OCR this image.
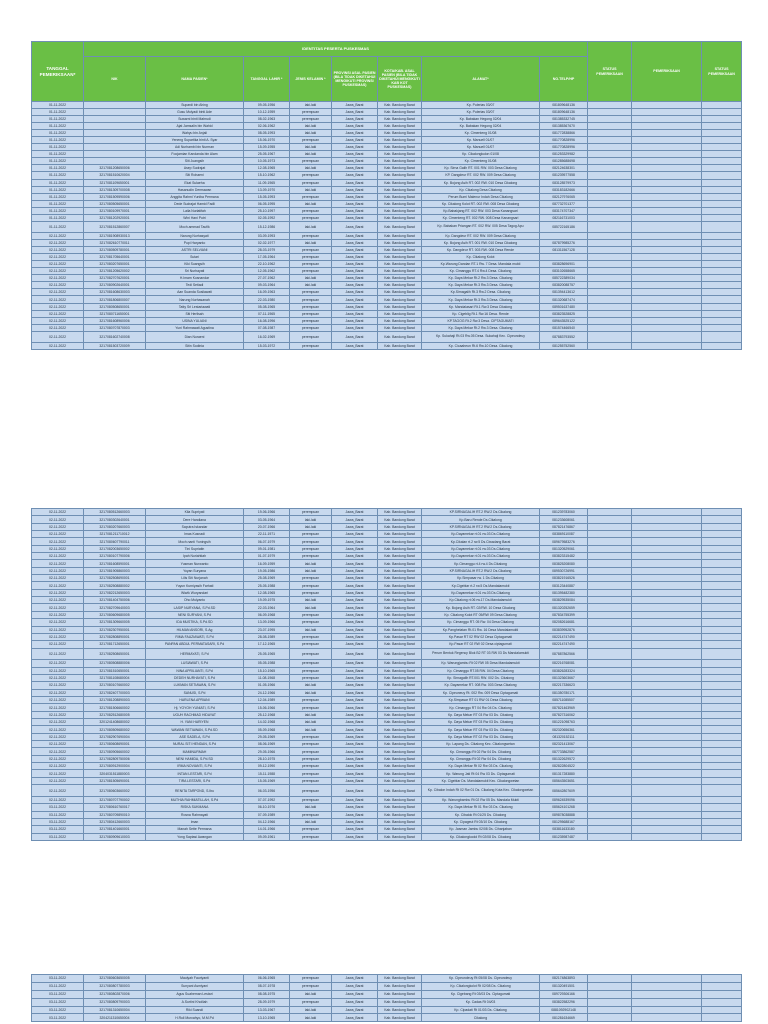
TANGGAL PEMERIKSAAN*	IDENTITAS PESERTA PUSKESMAS								STATUS PEMERIKSAAN	PEMERIKSAAN	STATUS PEMERIKSAAN
	NIK	NAMA PASIEN*	TANGGAL LAHIR *	JENIS KELAMIN *	PROVINSI ASAL PASIEN (BILA TIDAK DIKETAHUI MENGIKUTI PROVINSI PUSKESMAS)	KOTA/KAB. ASAL PASIEN (BILA TIDAK DIKETAHUI MENGIKUTI KAB KOT PUSKESMAS)	ALAMAT*	NO.TELP/HP			
01-11-2022		Supardi bin Ahing	09-05-1956	laki-laki	Jawa_Barat	Kab. Bandung Barat	Kp. Pulerias 03/07	081809648136			
01-11-2022		Gusu Mulyadi binti Ade	10-12-1959	perempuan	Jawa_Barat	Kab. Bandung Barat	Kp. Pulerias 03/07	081809648136			
01-11-2022		Suwarni binti Mahrudi	08-02-1963	perempuan	Jawa_Barat	Kab. Bandung Barat	Kp. Babakan Hegong 02/04	081385332745			
01-11-2022		Ajat Jamsalin bin Wahid	02-06-1962	laki-laki	Jawa_Barat	Kab. Bandung Barat	Kp. Babakan Hegong 02/04	081385367670			
01-11-2022		Wahyu bin Anjali	08-05-1993	laki-laki	Jawa_Barat	Kab. Bandung Barat	Kp. Cimenteng 01/08	081772838866			
01-11-2022		Yeneng Supartika binti A. Syar	15-06-1970	perempuan	Jawa_Barat	Kab. Bandung Barat	Kp. Manuell 01/07	081770828996			
01-11-2022		Adi Nurhambi bin Nurman	15-09-1955	laki-laki	Jawa_Barat	Kab. Bandung Barat	Kp. Manuell 01/07	081770828996			
01-11-2022		Foojamian Kandanda bin Alam	25-05-1967	laki-laki	Jawa_Barat	Kab. Bandung Barat	Kp. Cikalongkulon 01/08	081253329982			
01-11-2022		Siti Juangsih	10-05-1973	perempuan	Jawa_Barat	Kab. Bandung Barat	Kp. Cimenteng 01/08	081285688698			
01-11-2022	3217081208650006	Asep Sudrajat	12-08-1965	laki-laki	Jawa_Barat	Kab. Bandung Barat	Kp. Sirna Galih RT. 001 RW. 003 Desa Cikalong	082124638301			
01-11-2022	3217081510620004	Siti Rohaeni	15-10-1962	perempuan	Jawa_Barat	Kab. Bandung Barat	KP. Dangdeur RT. 002 RW. 009 Desa Cikalong	081239577558			
01-11-2022	3217081109650001	Ekat Sulaeha	11-09-1965	perempuan	Jawa_Barat	Kab. Bandung Barat	Kp. Bojong Asih RT. 002 RW. 010 Desa Cikalong	083128579973			
01-11-2022	3217081309700008	Hasanudin Dermawan	13-09-1970	laki-laki	Jawa_Barat	Kab. Bandung Barat	Kp. Cikalong Desa Cikalong	083183182666			
01-11-2022	3217081509590006	Anggita Rahmi Yuniba Permana	15-05-1993	perempuan	Jawa_Barat	Kab. Bandung Barat	Perum Bumi Malenur Indah Desa Cikalong	082127976065			
01-11-2022	3217080505650001	Dede Sudrajat Hamid Fadli	06-05-1995	laki-laki	Jawa_Barat	Kab. Bandung Barat	Kp. Cikalong Kolot RT. 002 RW. 008 Desa Cikalong	087732701377			
01-11-2022	3217080109970001	Laila Nurlatifah	25-10-1997	perempuan	Jawa_Barat	Kab. Bandung Barat	Kp.Babakjang RT. 002 RW. 003 Desa Kanangsari	083174707347			
01-11-2022	3217081202920001	Wini Hani Putri	02-05-1992	perempuan	Jawa_Barat	Kab. Bandung Barat	Kp. Cimenteng RT. 002 RW. 008 Desa Kanangsari	082116731003			
01-11-2022	3217081512860007	Moch.ammad Taufik	15-12-1986	laki-laki	Jawa_Barat	Kab. Bandung Barat	Kp. Babakan Priangan RT. 002 RW. 005 Desa Tagog Apu	085722165186			
02-11-2022	3217081908930013	Narung Nurhasyati	03-09-1993	perempuan	Jawa_Barat	Kab. Bandung Barat	Kp. Dangdeur RT. 002 RW. 009 Desa Cikalong				
02-11-2022	3217082610770011	Pupi Haryanto	02-02-1977	laki-laki	Jawa_Barat	Kab. Bandung Barat	Kp. Bojong Asih RT. 001 RW. 010 Desa Cikalong	087879985276			
02-11-2022	3217080509780001	ASTRI SELVIANI	28-03-1979	perempuan	Jawa_Barat	Kab. Bandung Barat	Kp. Dangdeur RT. 003 RW. 008 Desa Rende	081311567128			
02-11-2022	3217081705640001	Sutari	17-05-1964	perempuan	Jawa_Barat	Kab. Bandung Barat	Kp. Cikalong Kolot				
02-11-2022	3217080207650001	Kiki Suangsih	22-10-1962	perempuan	Jawa_Barat	Kab. Bandung Barat	Kp.Warung Dandan RT.1 Rw. 7 Desa. Mandala mukti	083828696901			
02-11-2022	3217081205620002	Sri Nurhayati	12-05-1962	perempuan	Jawa_Barat	Kab. Bandung Barat	Kp. Cimanggu RT.4 Rw.4 Desa. Cikalong	083102658665			
02-11-2022	3217082707620001	H.Imam Kusnandar	27-07-1962	laki-laki	Jawa_Barat	Kab. Bandung Barat	Kp. Daya Mekar Rt.2 Rw.3 Desa. Cikalong	085722389034			
02-11-2022	3217080902640001	Tedi Setiadi	09-03-1964	laki-laki	Jawa_Barat	Kab. Bandung Barat	Kp. Daya Mekar Rt.3 Rw.3 Desa. Cikalong	083820088757			
02-11-2022	3217081608630003	Aan Suanda Susilawati	16-09-1963	perempuan	Jawa_Barat	Kab. Bandung Barat	Kp.Sirnagalih Rt.3 Rw.2 Desa. Cikalong	081394413612			
02-11-2022	3217081806800007	Narung Nurhasanah	22-03-1980	perempuan	Jawa_Barat	Kab. Bandung Barat	Kp. Daya Mekar Rt.3 Rw.3 Desa. Cikalong	081320687474			
02-11-2022	3217080508650001	Tatty Sri Lestariawati	05-08-1965	perempuan	Jawa_Barat	Kab. Bandung Barat	Kp. Mandalasari Rt.1 Rw.3 Desa Cikalong	089501637480			
02-11-2022	3217080711650001	Siti Herlisah	07-11-1965	perempuan	Jawa_Barat	Kab. Bandung Barat	Kp. Cigeblig Rt.1 Rw.16 Desa. Rende	083823528825			
02-11-2022	3217081608960006	USINA YULIANI	16-08-1996	perempuan	Jawa_Barat	Kab. Bandung Barat	KP.TAGOG Rt.2 Rw.3 Desa. CIPTAGUMATI	089643525122			
02-11-2022	3217080707870003	Yuni Rahmawati Agustina	07-08-1987	perempuan	Jawa_Barat	Kab. Bandung Barat	Kp. Daya Mekar Rt.2 Rw.3 Desa. Cikalong	081574466540			
02-11-2022	3217081602740008	Dian Nuraeni	16-02-1969	perempuan	Jawa_Barat	Kab. Bandung Barat	Kp. Sukahaji Rt.03 Rw.05 Desa. Sukahaji Kec. Cipeundeuy	087883793552			
02-11-2022	3217081503720009	Sitin Sodinia	15-03-1972	perempuan	Jawa_Barat	Kab. Bandung Barat	Kp. Cicaaheun Rt.6 Rw.10 Desa. Cikalong	081255752560			
02-11-2022	3217080512660003	Kila Supriyati	19-06-1966	perempuan	Jawa_Barat	Kab. Bandung Barat	KP.SIRNAGALIH RT.2 RW.2 Ds.Cikalong	081239783060			
02-11-2022	3217080302640001	Dere Handiana	03-05-1964	laki-laki	Jawa_Barat	Kab. Bandung Barat	Kp.Baru Rende Ds.Cikalong	081233608061			
02-11-2022	3217080207660003	Saputra Iskandar	20-07-1966	laki-laki	Jawa_Barat	Kab. Bandung Barat	KP.SIRNAGALIH RT.2 RW.2 Ds.Cikalong	087821476867			
02-11-2022	3217081211710012	Imas Kusnadi	22-11-1971	perempuan	Jawa_Barat	Kab. Bandung Barat	Kp.Dayamekar rt.01 rw.03 Ds.Cikalong	083869110087			
02-11-2022	3217080607790011	Moch.nanti Yuningsih	06-07-1979	perempuan	Jawa_Barat	Kab. Bandung Barat	Kp.Cikalan rt.2 rw.5 Ds.Ciwadang Barat	089679583276			
02-11-2022	3217082003650002	Tini Supriatin	09-01-1981	perempuan	Jawa_Barat	Kab. Bandung Barat	Kp.Dayamekar rt.01 rw.03 Ds.Cikalong	081320529061			
02-11-2022	3217080107790006	Ipah Nuriahtiah	01-07-1979	perempuan	Jawa_Barat	Kab. Bandung Barat	Kp.Dayamekar rt.01 rw.03 Ds.Cikalong	083823315482			
02-11-2022	3217081608590001	Yusman Nurwanto	16-09-1959	laki-laki	Jawa_Barat	Kab. Bandung Barat	Kp.Cimanggu rt.4 rw.4 Ds.Cikalong	083825208080			
02-11-2022	3217081905860003	Yoyan Suryana	19-05-1986	laki-laki	Jawa_Barat	Kab. Bandung Barat	KP.SIRNAGALIH RT.2 RW.2 Ds.Cikalong	089530726991			
02-11-2022	3217082508690001	Lilis Siti Nurjanah	25-08-1969	perempuan	Jawa_Barat	Kab. Bandung Barat	Kp.Simpasar rw. 1 Ds.Cikalong	083821916526			
02-11-2022	3217082508880002	Yuyun Kurniyasih Farhati	25-05-1988	perempuan	Jawa_Barat	Kab. Bandung Barat	Kp.Cigeblar rt.2 rw.5 Ds.Mandalamukti	083123440887			
02-11-2022	3217082212650003	Wiwik Wuryandari	12-08-1965	perempuan	Jawa_Barat	Kab. Bandung Barat	Kp.Dayamekar rt.01 rw.03 Ds.Cikalong	081395482380			
02-11-2022	3217081404750006	Oho Mulyanto	19-09-1975	laki-laki	Jawa_Barat	Kab. Bandung Barat	Kp.Cikalong rt.06 rw.17 Ds.Mandalamukti	083829535084			
02-11-2022	3217082709640003	LASIP NURYANA, S.Pd.SD	22-03-1964	laki-laki	Jawa_Barat	Kab. Bandung Barat	Kp. Bojong Asih RT. 02/RW. 10 Desa Cikalong	081320252659			
02-11-2022	3217080609680005	NENI SURYANI, S.Pd	06-09-1968	perempuan	Jawa_Barat	Kab. Bandung Barat	Kp. Cikalong Kolot RT 05/RW 09 Desa Cikalong	087834755399			
02-11-2022	3217081309660005	IDA MUSTIKA, S.Pd.SD	13-09-1966	perempuan	Jawa_Barat	Kab. Bandung Barat	Kp. Cimanggu RT. 05 Rw. 04 Desa Cikalong	082082616681			
02-11-2022	3217082307950001	HILMAN ANSORI, S.Ag	23-07-1995	laki-laki	Jawa_Barat	Kab. Bandung Barat	Kp.Panghelatan Rt.01 Rw. 16 Desa Mandalamukti	083839952876			
02-11-2022	3217082808890001	RIMA FAUZIAWATI, S.Pd	28-08-1989	perempuan	Jawa_Barat	Kab. Bandung Barat	Kp.Pasar RT 02 RW 02 Desa Ciptagumati	082214747490			
02-11-2022	3217081712650001	PANPAN ABDUL PERMATASARI, S.Pd	17-12-1965	perempuan	Jawa_Barat	Kab. Bandung Barat	Kp.Pasar RT 02 RW 02 Desa ciptagumati	082214747490			
02-11-2022	3217082508650001	HERMAYATI, S.Pd	25-05-1965	perempuan	Jawa_Barat	Kab. Bandung Barat	Perum Bentuk Regency Blok B2 RT 03 RW 03 Ds Mandalamukti	087887862566			
02-11-2022	3217080508880006	LUSIAWATI, S.Pd	05-05-1988	perempuan	Jawa_Barat	Kab. Bandung Barat	Kp. Warungjambu Rt 02 RW 05 Desa Mandalamukti	082216768081			
02-11-2022	3217081510650001	NINA APRILIANTI, S.Pd	15-10-1965	perempuan	Jawa_Barat	Kab. Bandung Barat	Kp. Cimanggu RT.05 RW. 04 Desa Cikalong	083826283324			
02-11-2022	3217081108680004	DEDEH NURHAYATI, S.Pd	11-08-1968	perempuan	Jawa_Barat	Kab. Bandung Barat	Kp. Sirnagalih RT.001 RW. 002 Ds. Cikalong	081323603667			
02-11-2022	3217080107660002	LUKMAN SETIAWAN, S.Pd	01-05-1966	laki-laki	Jawa_Barat	Kab. Bandung Barat	Kp. Dayamekar RT. 008 Rw. 003 Desa Cikalong	082217336623			
02-11-2022	3217082407700003	SANUSI, S.Pd	24-12-1966	laki-laki	Jawa_Barat	Kab. Bandung Barat	Kp. Cipeuneuy Rt. 002 Rw. 009 Desa Ciptagumati	081350780171			
02-11-2022	3217081208890003	HARLENA APRIANI	12-04-1989	perempuan	Jawa_Barat	Kab. Bandung Barat	Kp.Simpasar RT 01 RW 01 Desa Cikalong	085711085507			
02-11-2022	3217081506660002	Hj. YOYOH YUNIATI, S.Pd	15-06-1966	perempuan	Jawa_Barat	Kab. Bandung Barat	Kp. Cimanggu RT 04 Rw 04 Ds. Cikalong	087821463969			
02-11-2022	3217082512680005	UGUH RACHMAD HIDAYAT	25-12-1968	laki-laki	Jawa_Barat	Kab. Bandung Barat	Kp. Daya Mekar RT 03 Rw 03 Ds. Cikalong	087827316062			
02-11-2022	3201241408680002	H. YANI HARIYEN	14-02-1968	laki-laki	Jawa_Barat	Kab. Bandung Barat	Kp. Daya Mekar RT 03 Rw 03 Ds. Cikalong	081221098763			
02-11-2022	3217080509680002	WAWAN SETIAWAN, S.Pd.SD	05-09-1968	laki-laki	Jawa_Barat	Kab. Bandung Barat	Kp. Daya Mekar RT 03 Rw 03 Ds. Cikalong	082320656361			
02-11-2022	3217082907690004	ASE SADELA, S.Pd	29-05-1969	perempuan	Jawa_Barat	Kab. Bandung Barat	Kp. Daya Mekar RT 02 Rw 03 Ds. Cikalong	081320152111			
02-11-2022	3217080608690001	NURAL SITI HENDAN, S.Pd	08-06-1969	perempuan	Jawa_Barat	Kab. Bandung Barat	Kp. Lapang Ds. Cikalong Kec. Cikalongwetan	082321413067			
02-11-2022	3217080905660002	MAMINURMAH	29-05-1966	perempuan	Jawa_Barat	Kab. Bandung Barat	Kp. Cimanggu Rt 02 Rw 04 Ds. Cikalong	087733862587			
02-11-2022	3217082809750006	NENI HAMIDA, S.Pd.SD	28-10-1975	perempuan	Jawa_Barat	Kab. Bandung Barat	Kp. Cimanggu Rt 02 Rw 04 Ds. Cikalong	081322629572			
02-11-2022	3217080912900004	IRMA NOVIANTI, S.Pd	09-12-1990	perempuan	Jawa_Barat	Kab. Bandung Barat	Kp. Daya Mekar Rt 02 Rw 03 Ds. Cikalong	082822804522			
02-11-2022	3204031511880003	INTAN LESTARI, S.Pd	15-11-1988	perempuan	Jawa_Barat	Kab. Bandung Barat	Kp. Warung Jati Rt 04 Rw 03 Ds. Ciptagumati	081317283880			
02-11-2022	3217081505690001	TIRA LESTARI, S.Pd	15-05-1969	perempuan	Jawa_Barat	Kab. Bandung Barat	Kp. Cigeblar Ds. Mandalamukti Kec. Cikalongwetan	085643503651			
02-11-2022	3217080603660002	RENITA TARPOND, S.Ibu	06-03-1956	perempuan	Jawa_Barat	Kab. Bandung Barat	Kp. Cibalon Indah Rt 02 Rw 01 Ds. Cikalong Kota Kec. Cikalongwetan	085642807609			
02-11-2022	3217080707790002	MUTHIA RAHMIATILLAH, S.Pd	07-07-1992	perempuan	Jawa_Barat	Kab. Bandung Barat	Kp. Warungbambu Rt 02 Rw 05 Ds. Mandala Mukti	089624539096			
03-11-2022	3217080610760017	RISKA SUKMANA	06-10-1976	laki-laki	Jawa_Barat	Kab. Bandung Barat	Kp. Daya Mekar Rt 01 Rw 03 Ds. Cikalong	085624101268			
03-11-2022	3217080709890010	Rosna Rahmayati	07-09-1989	perempuan	Jawa_Barat	Kab. Bandung Barat	Kp. Cibalok Rt 01/25 Ds. Cikalong	089878038888			
03-11-2022	3217080412660003	Iman	04-12-1966	laki-laki	Jawa_Barat	Kab. Bandung Barat	Kp. Cipageut Rt 03/10 Ds. Cikalong	081295688167			
03-11-2022	3217081401660001	Manah Sette Permana	14-01-1966	perempuan	Jawa_Barat	Kab. Bandung Barat	Kp. Jasman Jambu 02/08 Ds. Cihanjaban	083811633180			
03-11-2022	3217080909610003	Yong Saptasi Awangan	09-09-1961	perempuan	Jawa_Barat	Kab. Bandung Barat	Kp. Cikalongkodol Rt 02/08 Ds. Cikalong	081235987487			
03-11-2022	3217080603650005	Maulyah Fauriyanti	06-06-1965	perempuan	Jawa_Barat	Kab. Bandung Barat	Kp. Cipeundeuy Rt 05/08 Ds. Cipeundeuy	082174863893			
03-11-2022	3217080807780003	Sunyani Asmiyani	08-07-1978	perempuan	Jawa_Barat	Kab. Bandung Barat	Kp. Cikalongkolot Rt 02/08 Ds. Cikalong	081320491501			
03-11-2022	3217080802870006	Agus Suaheman Lestari	08-08-1975	laki-laki	Jawa_Barat	Kab. Bandung Barat	Kp. Cigebang Rt 03/03 Ds. Ciptagumati	089729306166			
03-11-2022	3217080809790003	A.Surtini Khoiliah	28-09-1979	perempuan	Jawa_Barat	Kab. Bandung Barat	Kp. Cadas Rt 04/03	083822582296			
03-11-2022	3217081310650004	Riki Suandi	13-03-1967	laki-laki	Jawa_Barat	Kab. Bandung Barat	Kp. Cipadati Rt 01/03 Ds. Cikalong	0881092902148			
03-11-2022	3204211310650004	H.Ruli Murcahyo, M.M.Pd	13-10-1965	laki-laki	Jawa_Barat	Kab. Bandung Barat	Cikalong	081281634669			
